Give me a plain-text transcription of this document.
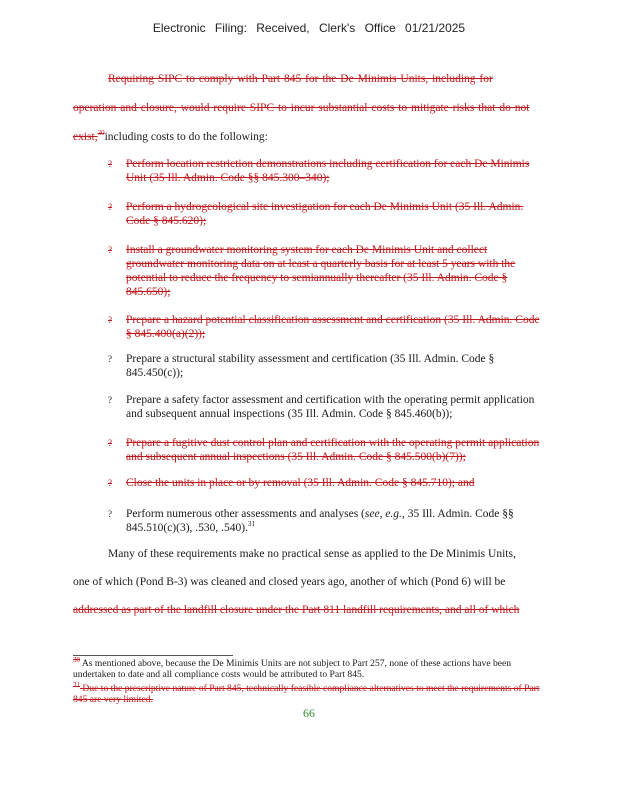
Electronic Filing: Received, Clerk's Office 01/21/2025
Requiring SIPC to comply with Part 845 for the De Minimis Units, including for
operation and closure, would require SIPC to incur substantial costs to mitigate risks that do not
exist,$^{30}$including costs to do the following:
?	Perform location restriction demonstrations including certification for each De Minimis Unit (35 Ill. Admin. Code §§ 845.300–340);
?	Perform a hydrogeological site investigation for each De Minimis Unit (35 Ill. Admin. Code § 845.620);
?	Install a groundwater monitoring system for each De Minimis Unit and collect groundwater monitoring data on at least a quarterly basis for at least 5 years with the potential to reduce the frequency to semiannually thereafter (35 Ill. Admin. Code § 845.650);
?	Prepare a hazard potential classification assessment and certification (35 Ill. Admin. Code § 845.400(a)(2));
?	Prepare a structural stability assessment and certification (35 Ill. Admin. Code § 845.450(c));
?	Prepare a safety factor assessment and certification with the operating permit application and subsequent annual inspections (35 Ill. Admin. Code § 845.460(b));
?	Prepare a fugitive dust control plan and certification with the operating permit application and subsequent annual inspections (35 Ill. Admin. Code § 845.500(b)(7));
?	Close the units in place or by removal (35 Ill. Admin. Code § 845.710); and
?	Perform numerous other assessments and analyses (see, e.g., 35 Ill. Admin. Code §§ 845.510(c)(3), .530, .540).$^{31}$
Many of these requirements make no practical sense as applied to the De Minimis Units,
one of which (Pond B-3) was cleaned and closed years ago, another of which (Pond 6) will be
addressed as part of the landfill closure under the Part 811 landfill requirements, and all of which
$^{30}$ As mentioned above, because the De Minimis Units are not subject to Part 257, none of these actions have been undertaken to date and all compliance costs would be attributed to Part 845.
$^{31}$ Due to the prescriptive nature of Part 845, technically feasible compliance alternatives to meet the requirements of Part 845 are very limited.
66
